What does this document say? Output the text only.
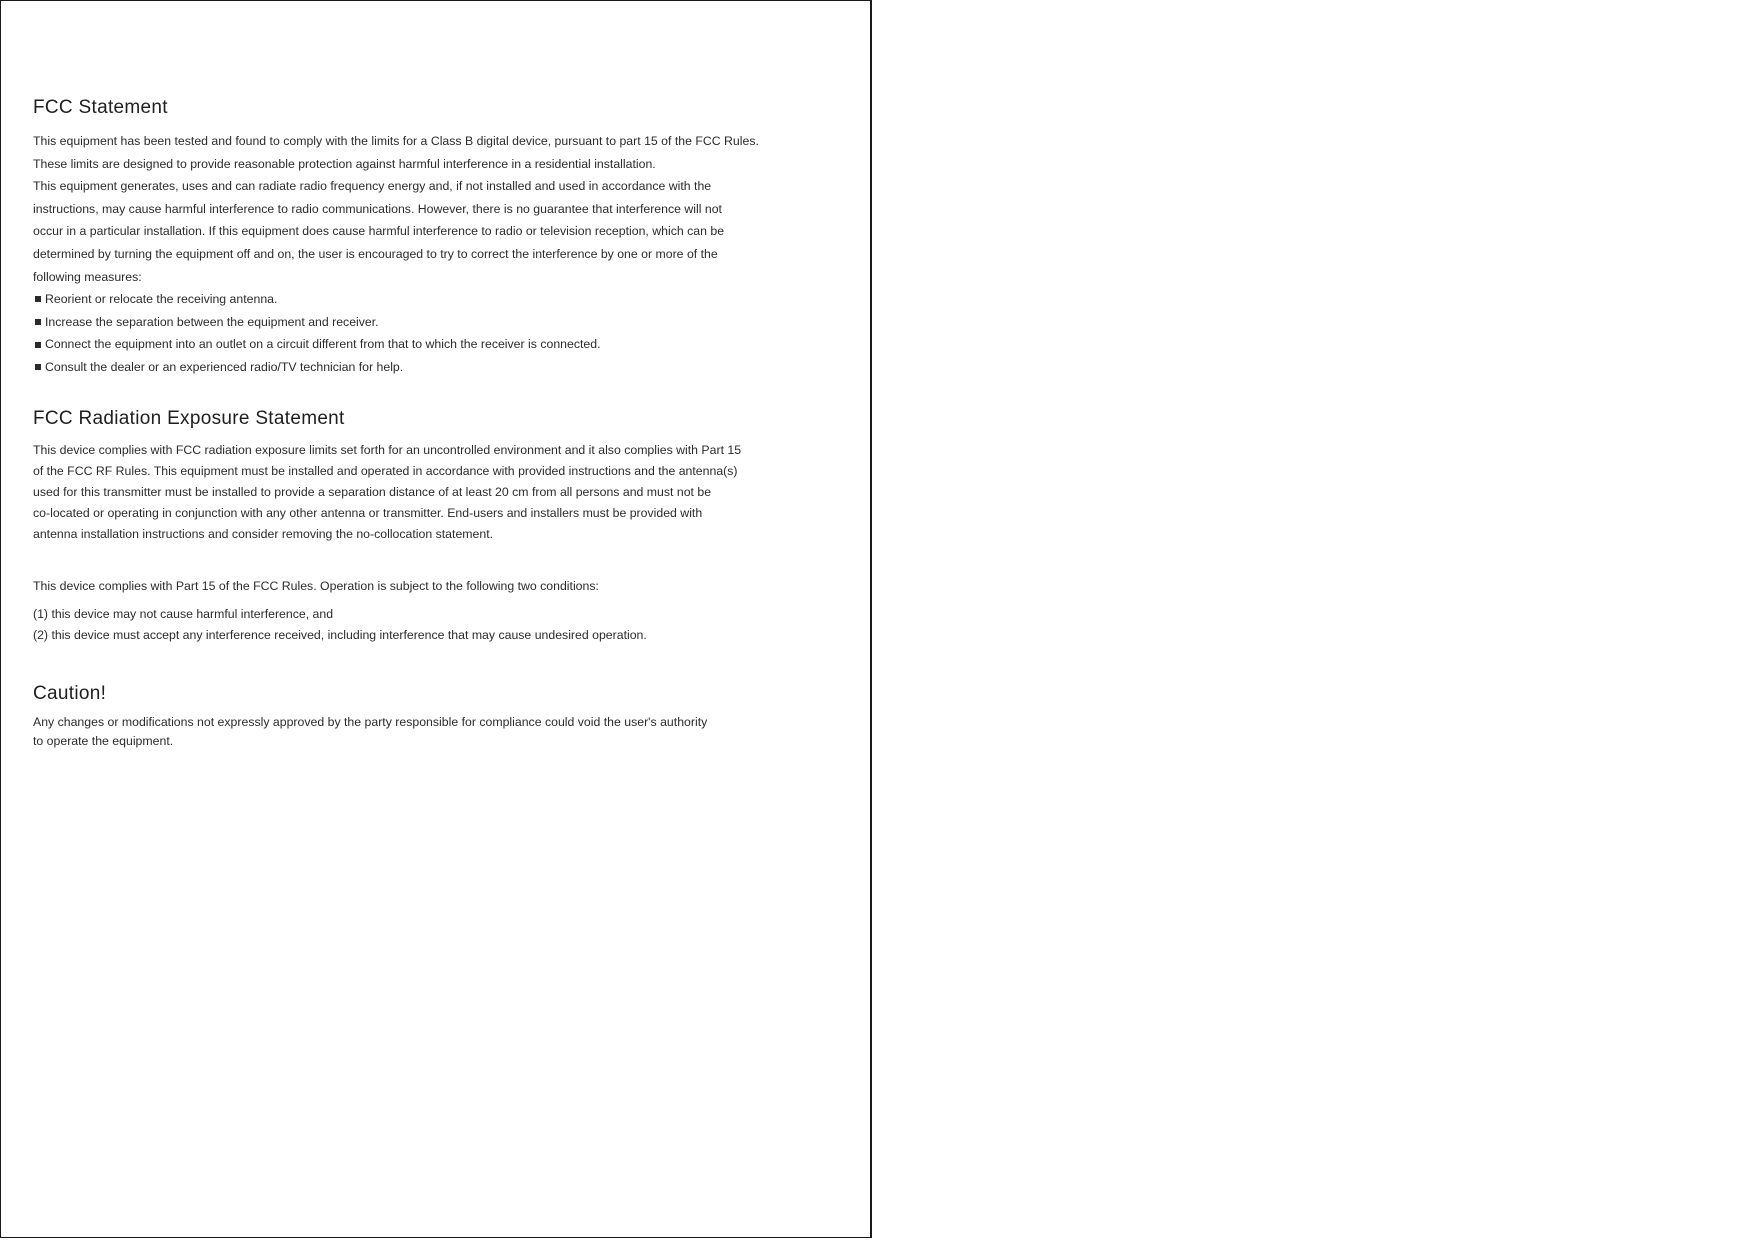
FCC Statement

This equipment has been tested and found to comply with the limits for a Class B digital device, pursuant to part 15 of the FCC Rules.

These limits are designed to provide reasonable protection against harmful interference in a residential installation.

This equipment generates, uses and can radiate radio frequency energy and, if not installed and used in accordance with the

instructions, may cause harmful interference to radio communications. However, there is no guarantee that interference will not

occur in a particular installation. If this equipment does cause harmful interference to radio or television reception, which can be

determined by turning the equipment off and on, the user is encouraged to try to correct the interference by one or more of the

following measures:

Reorient or relocate the receiving antenna.

Increase the separation between the equipment and receiver.

Connect the equipment into an outlet on a circuit different from that to which the receiver is connected.

Consult the dealer or an experienced radio/TV technician for help.

FCC Radiation Exposure Statement

This device complies with FCC radiation exposure limits set forth for an uncontrolled environment and it also complies with Part 15

of the FCC RF Rules. This equipment must be installed and operated in accordance with provided instructions and the antenna(s)

used for this transmitter must be installed to provide a separation distance of at least 20 cm from all persons and must not be

co-located or operating in conjunction with any other antenna or transmitter. End-users and installers must be provided with

antenna installation instructions and consider removing the no-collocation statement.

This device complies with Part 15 of the FCC Rules. Operation is subject to the following two conditions:

(1) this device may not cause harmful interference, and

(2) this device must accept any interference received, including interference that may cause undesired operation.

Caution!

Any changes or modifications not expressly approved by the party responsible for compliance could void the user's authority

to operate the equipment.
